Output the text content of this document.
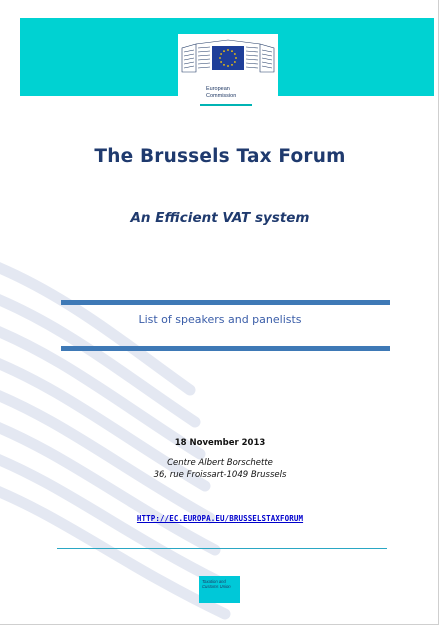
European
Commission
The Brussels Tax Forum
An Efficient VAT system
List of speakers and panelists
18 November 2013
Centre Albert Borschette
36, rue Froissart-1049 Brussels
HTTP://EC.EUROPA.EU/BRUSSELSTAXFORUM
Taxation and
Customs Union
